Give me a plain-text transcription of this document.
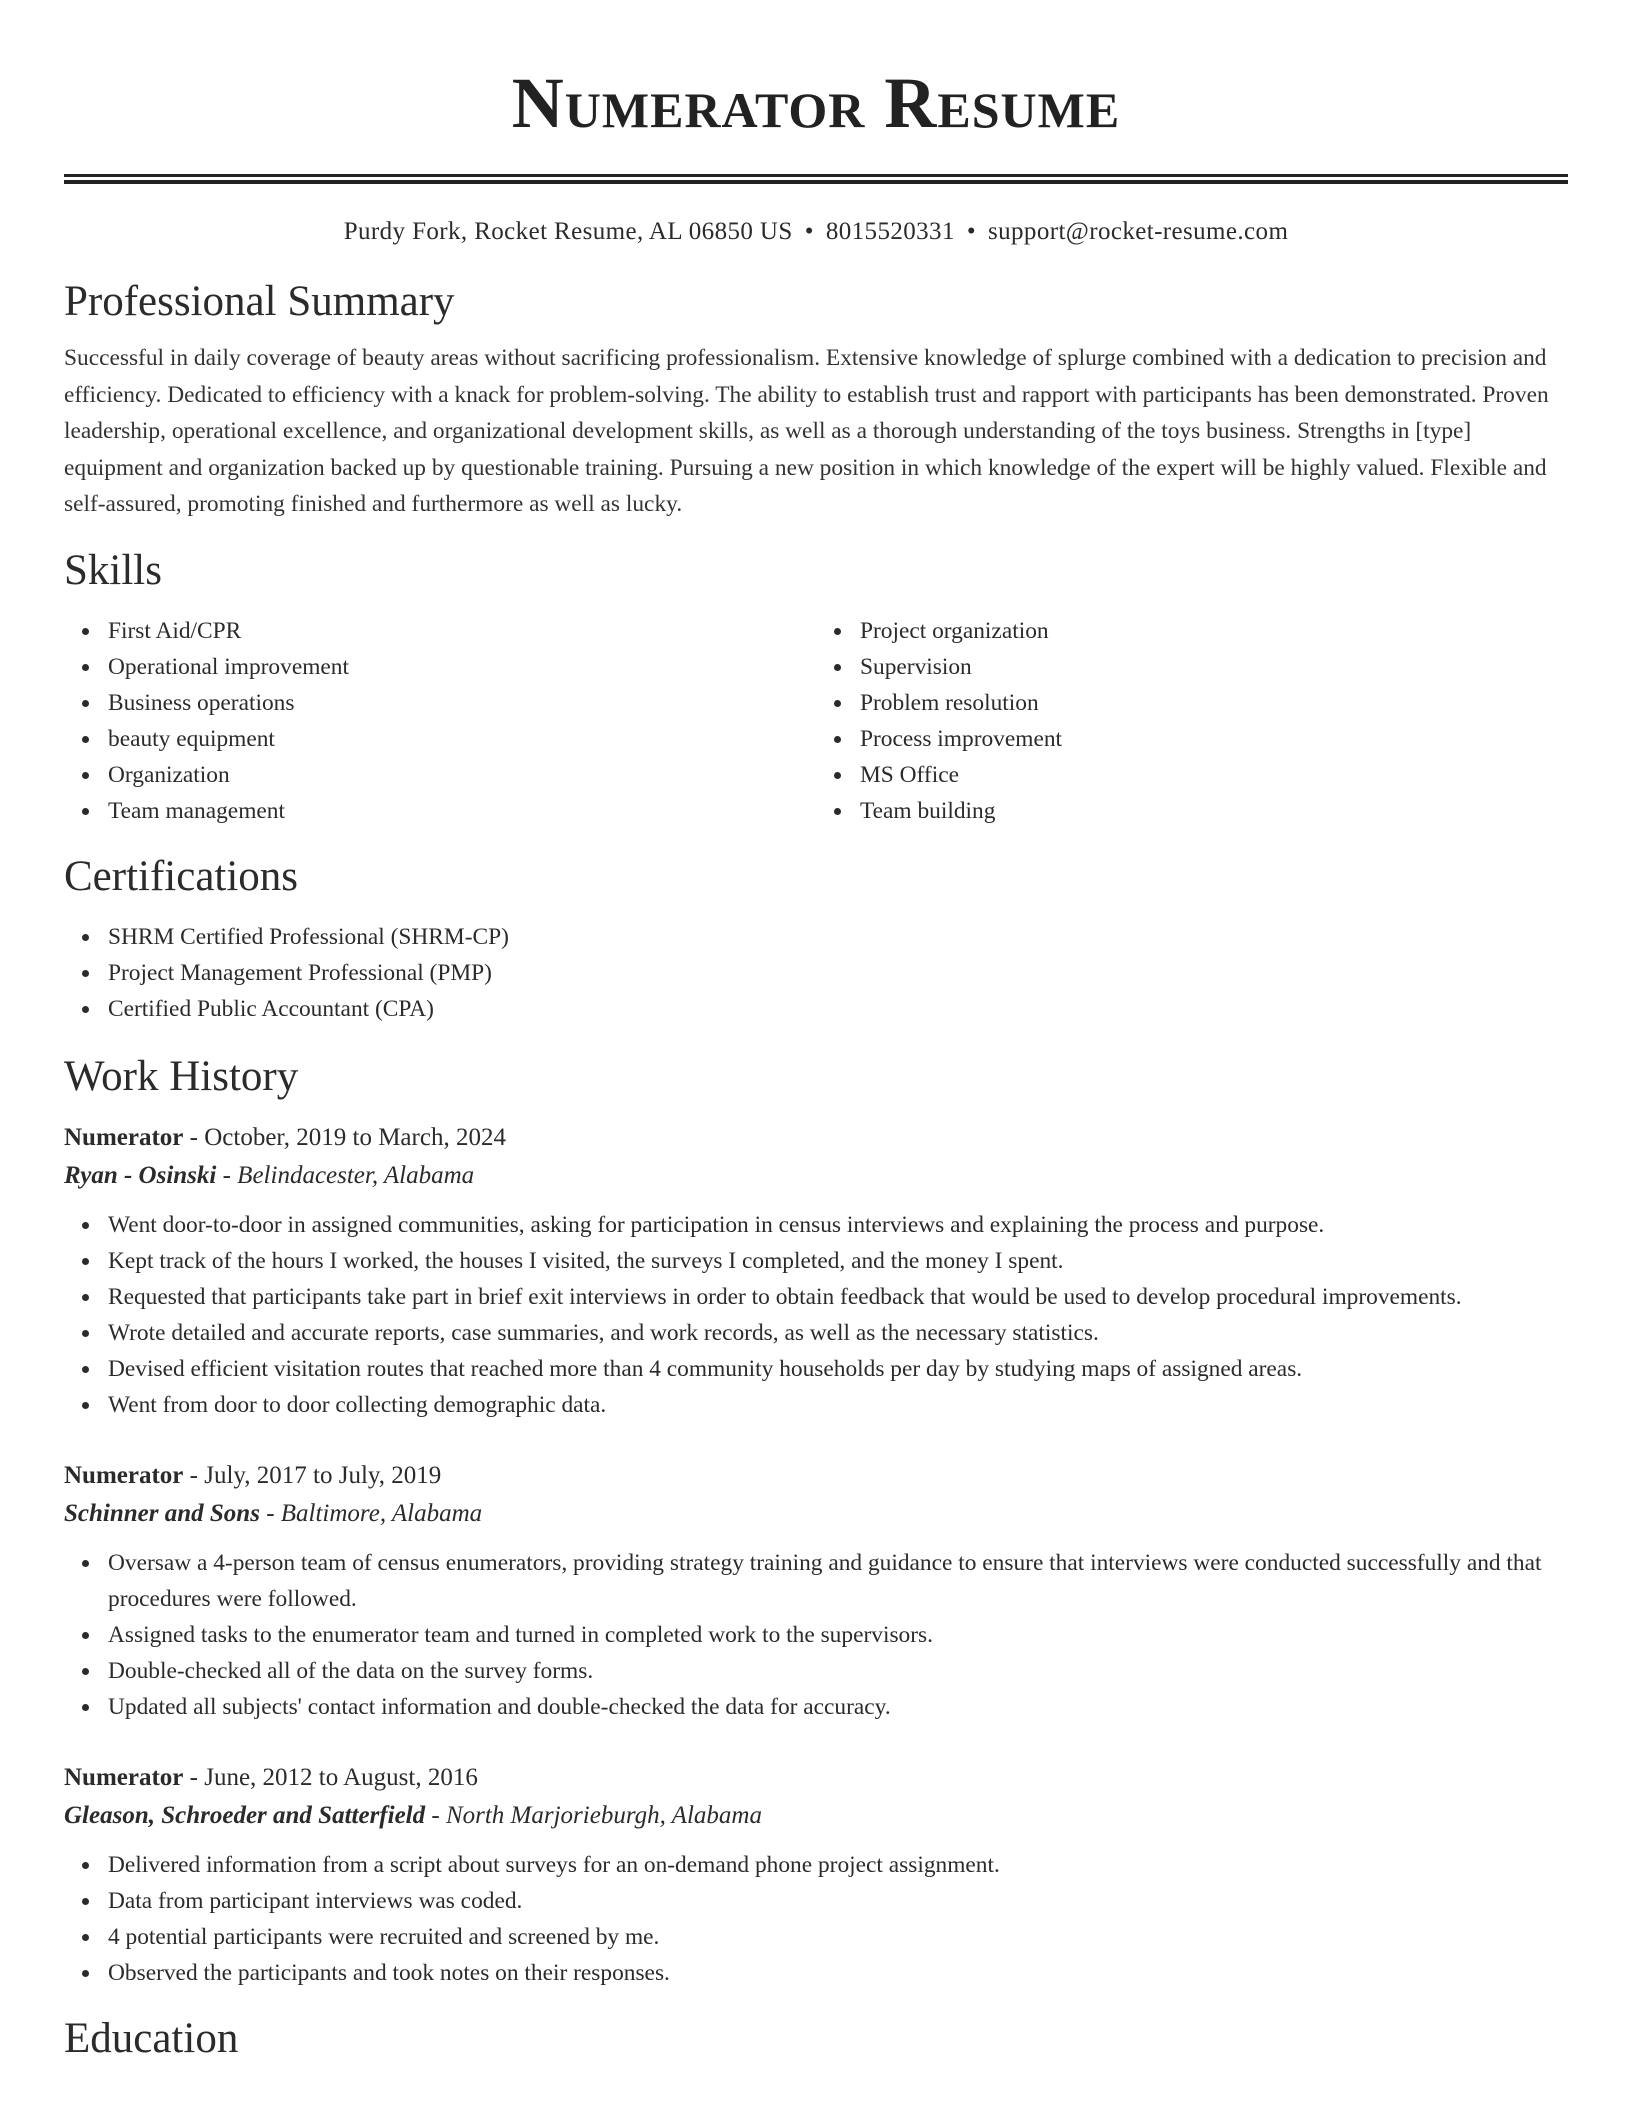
Numerator Resume
Purdy Fork, Rocket Resume, AL 06850 US • 8015520331 • support@rocket-resume.com
Professional Summary

Successful in daily coverage of beauty areas without sacrificing professionalism. Extensive knowledge of splurge combined with a dedication to precision and efficiency. Dedicated to efficiency with a knack for problem-solving. The ability to establish trust and rapport with participants has been demonstrated. Proven leadership, operational excellence, and organizational development skills, as well as a thorough understanding of the toys business. Strengths in [type] equipment and organization backed up by questionable training. Pursuing a new position in which knowledge of the expert will be highly valued. Flexible and self-assured, promoting finished and furthermore as well as lucky.

Skills
First Aid/CPR
Operational improvement
Business operations
beauty equipment
Organization
Team management
Project organization
Supervision
Problem resolution
Process improvement
MS Office
Team building
Certifications
SHRM Certified Professional (SHRM-CP)
Project Management Professional (PMP)
Certified Public Accountant (CPA)
Work History
Numerator - October, 2019 to March, 2024
Ryan - Osinski - Belindacester, Alabama
Went door-to-door in assigned communities, asking for participation in census interviews and explaining the process and purpose.
Kept track of the hours I worked, the houses I visited, the surveys I completed, and the money I spent.
Requested that participants take part in brief exit interviews in order to obtain feedback that would be used to develop procedural improvements.
Wrote detailed and accurate reports, case summaries, and work records, as well as the necessary statistics.
Devised efficient visitation routes that reached more than 4 community households per day by studying maps of assigned areas.
Went from door to door collecting demographic data.
Numerator - July, 2017 to July, 2019
Schinner and Sons - Baltimore, Alabama
Oversaw a 4-person team of census enumerators, providing strategy training and guidance to ensure that interviews were conducted successfully and that procedures were followed.
Assigned tasks to the enumerator team and turned in completed work to the supervisors.
Double-checked all of the data on the survey forms.
Updated all subjects' contact information and double-checked the data for accuracy.
Numerator - June, 2012 to August, 2016
Gleason, Schroeder and Satterfield - North Marjorieburgh, Alabama
Delivered information from a script about surveys for an on-demand phone project assignment.
Data from participant interviews was coded.
4 potential participants were recruited and screened by me.
Observed the participants and took notes on their responses.
Education
